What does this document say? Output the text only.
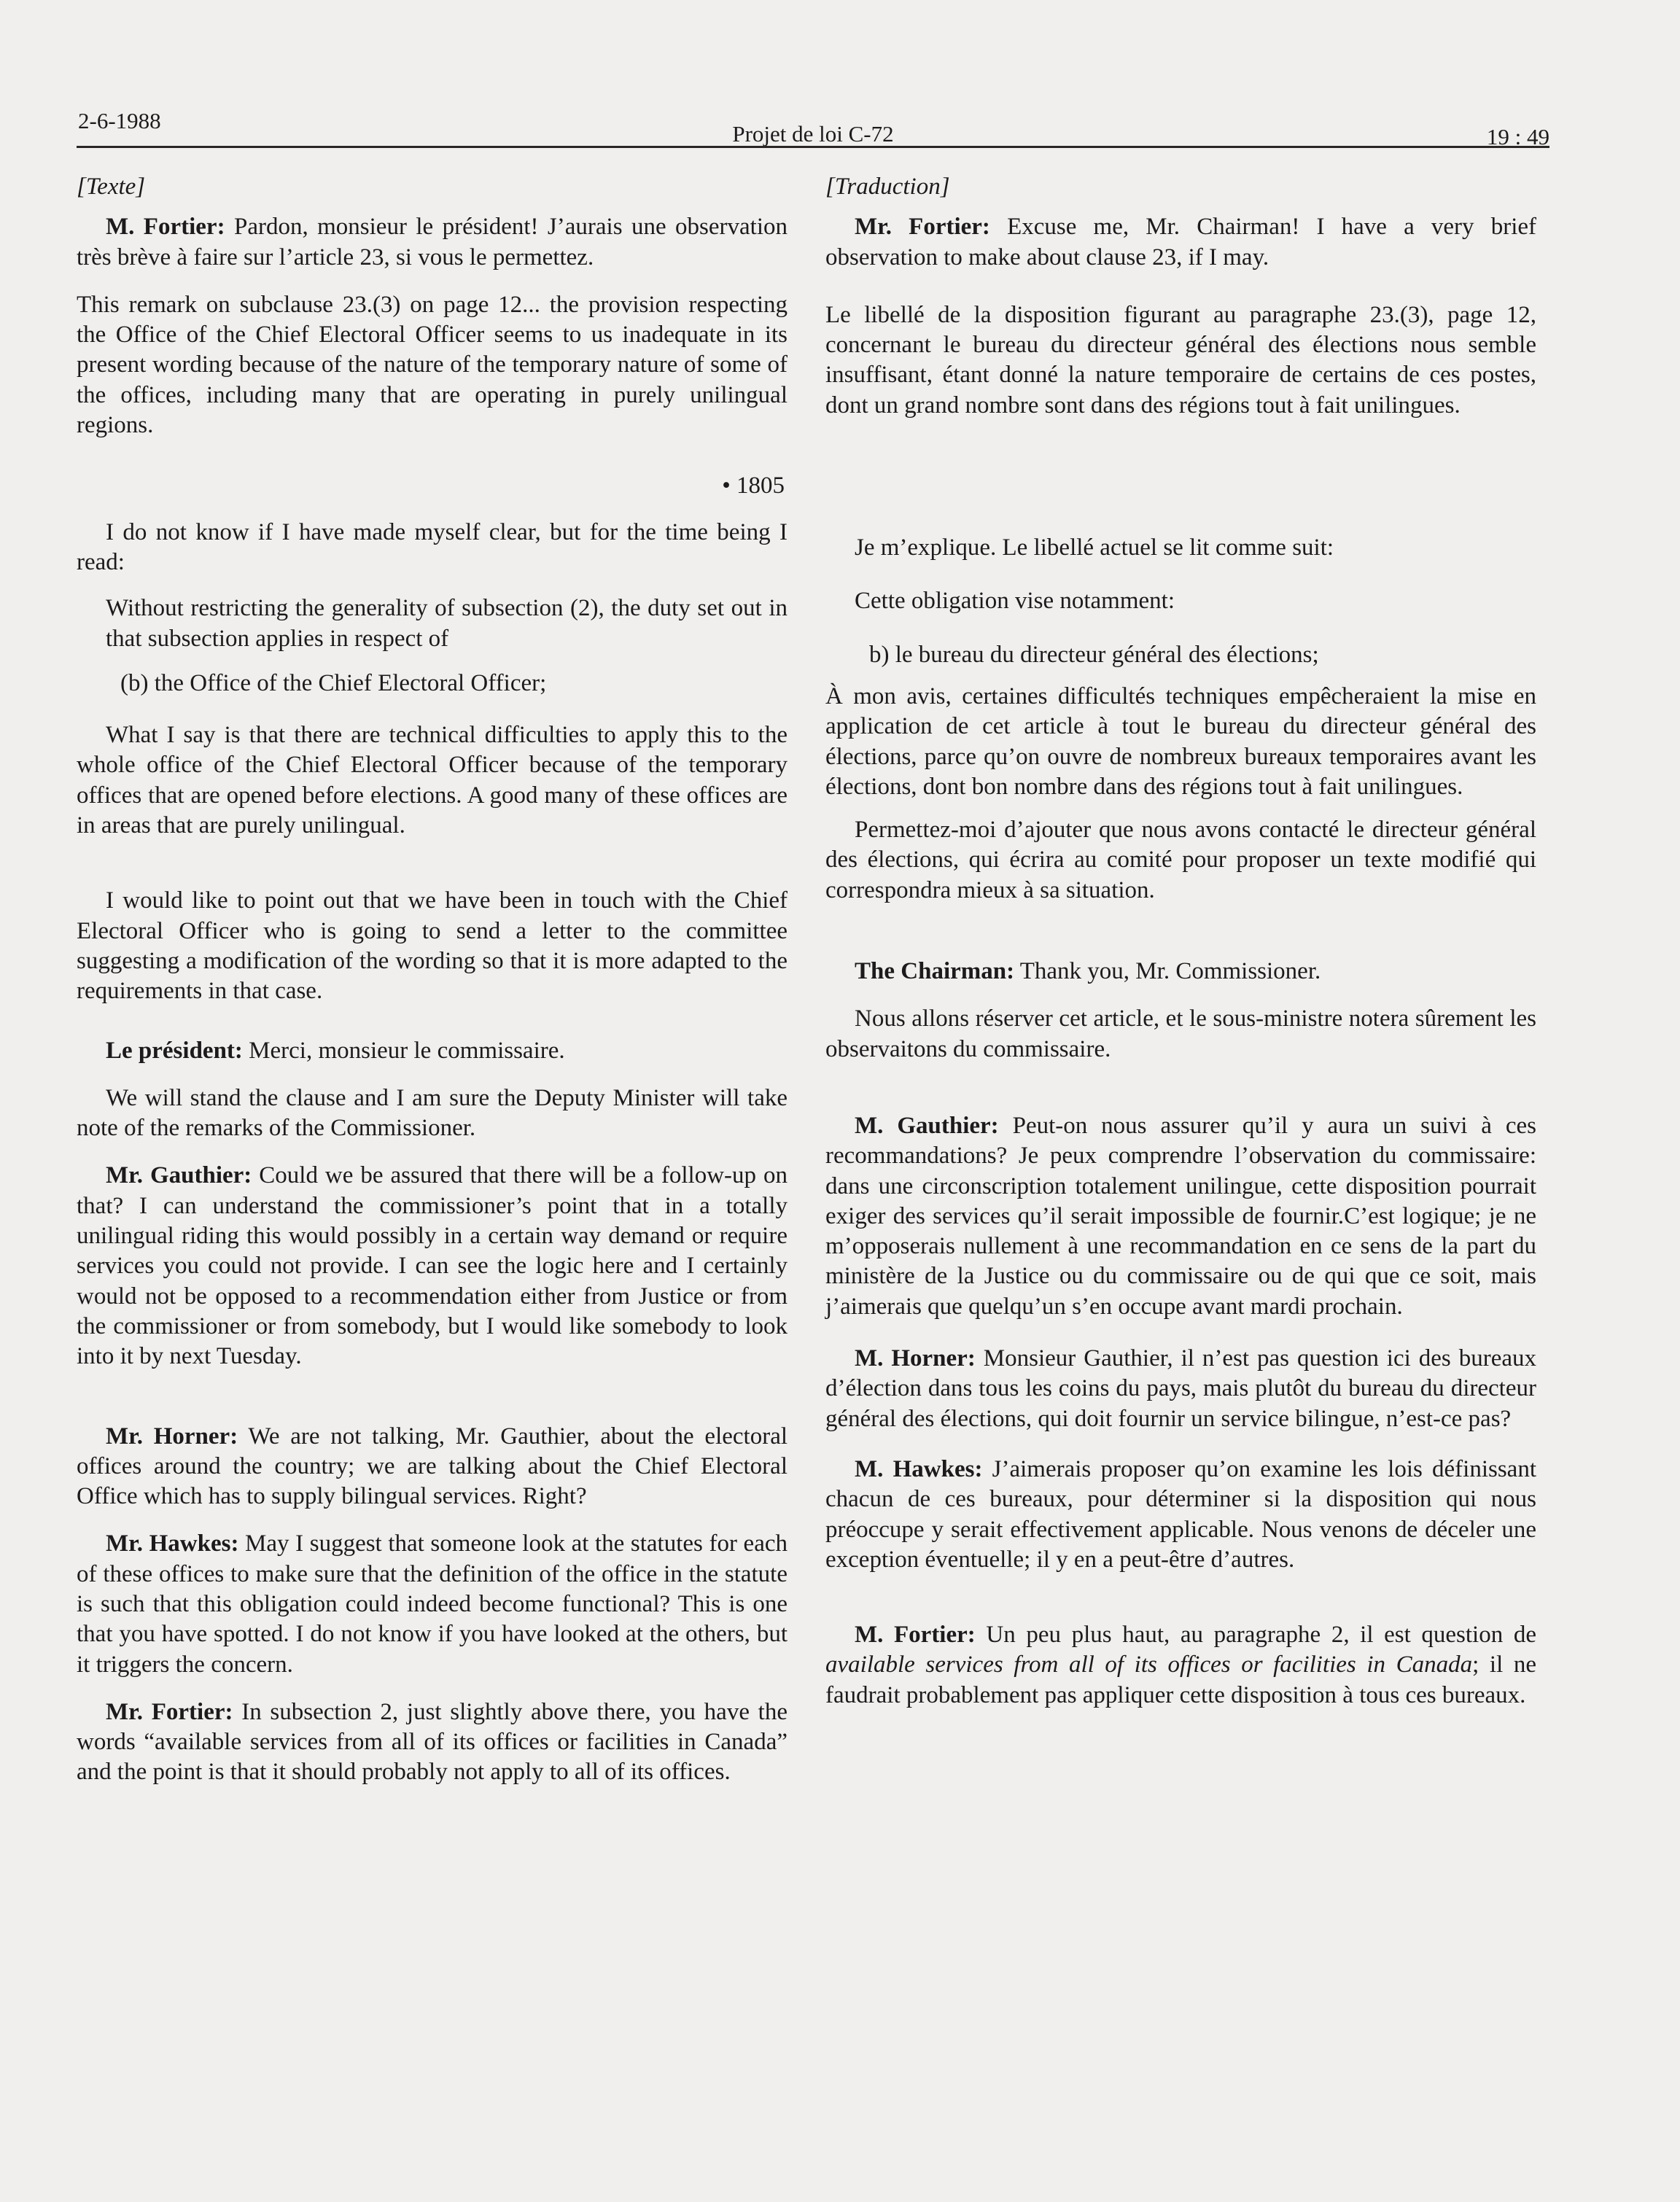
2-6-1988
Projet de loi C-72	19 : 49

[Texte]

M. Fortier: Pardon, monsieur le président! J’aurais une observation très brève à faire sur l’article 23, si vous le permettez.

This remark on subclause 23.(3) on page 12... the provision respecting the Office of the Chief Electoral Officer seems to us inadequate in its present wording because of the nature of the temporary nature of some of the offices, including many that are operating in purely unilingual regions.

• 1805

I do not know if I have made myself clear, but for the time being I read:

Without restricting the generality of subsection (2), the duty set out in that subsection applies in respect of

(b) the Office of the Chief Electoral Officer;

What I say is that there are technical difficulties to apply this to the whole office of the Chief Electoral Officer because of the temporary offices that are opened before elections. A good many of these offices are in areas that are purely unilingual.

I would like to point out that we have been in touch with the Chief Electoral Officer who is going to send a letter to the committee suggesting a modification of the wording so that it is more adapted to the requirements in that case.

Le président: Merci, monsieur le commissaire.

We will stand the clause and I am sure the Deputy Minister will take note of the remarks of the Commissioner.

Mr. Gauthier: Could we be assured that there will be a follow-up on that? I can understand the commissioner’s point that in a totally unilingual riding this would possibly in a certain way demand or require services you could not provide. I can see the logic here and I certainly would not be opposed to a recommendation either from Justice or from the commissioner or from somebody, but I would like somebody to look into it by next Tuesday.

Mr. Horner: We are not talking, Mr. Gauthier, about the electoral offices around the country; we are talking about the Chief Electoral Office which has to supply bilingual services. Right?

Mr. Hawkes: May I suggest that someone look at the statutes for each of these offices to make sure that the definition of the office in the statute is such that this obligation could indeed become functional? This is one that you have spotted. I do not know if you have looked at the others, but it triggers the concern.

Mr. Fortier: In subsection 2, just slightly above there, you have the words “available services from all of its offices or facilities in Canada” and the point is that it should probably not apply to all of its offices.

[Traduction]

Mr. Fortier: Excuse me, Mr. Chairman! I have a very brief observation to make about clause 23, if I may.

Le libellé de la disposition figurant au paragraphe 23.(3), page 12, concernant le bureau du directeur général des élections nous semble insuffisant, étant donné la nature temporaire de certains de ces postes, dont un grand nombre sont dans des régions tout à fait unilingues.

Je m’explique. Le libellé actuel se lit comme suit:

Cette obligation vise notamment:

b) le bureau du directeur général des élections;

À mon avis, certaines difficultés techniques empêcheraient la mise en application de cet article à tout le bureau du directeur général des élections, parce qu’on ouvre de nombreux bureaux temporaires avant les élections, dont bon nombre dans des régions tout à fait unilingues.

Permettez-moi d’ajouter que nous avons contacté le directeur général des élections, qui écrira au comité pour proposer un texte modifié qui correspondra mieux à sa situation.

The Chairman: Thank you, Mr. Commissioner.

Nous allons réserver cet article, et le sous-ministre notera sûrement les observaitons du commissaire.

M. Gauthier: Peut-on nous assurer qu’il y aura un suivi à ces recommandations? Je peux comprendre l’observation du commissaire: dans une circonscription totalement unilingue, cette disposition pourrait exiger des services qu’il serait impossible de fournir.C’est logique; je ne m’opposerais nullement à une recommandation en ce sens de la part du ministère de la Justice ou du commissaire ou de qui que ce soit, mais j’aimerais que quelqu’un s’en occupe avant mardi prochain.

M. Horner: Monsieur Gauthier, il n’est pas question ici des bureaux d’élection dans tous les coins du pays, mais plutôt du bureau du directeur général des élections, qui doit fournir un service bilingue, n’est-ce pas?

M. Hawkes: J’aimerais proposer qu’on examine les lois définissant chacun de ces bureaux, pour déterminer si la disposition qui nous préoccupe y serait effectivement applicable. Nous venons de déceler une exception éventuelle; il y en a peut-être d’autres.

M. Fortier: Un peu plus haut, au paragraphe 2, il est question de available services from all of its offices or facilities in Canada; il ne faudrait probablement pas appliquer cette disposition à tous ces bureaux.
